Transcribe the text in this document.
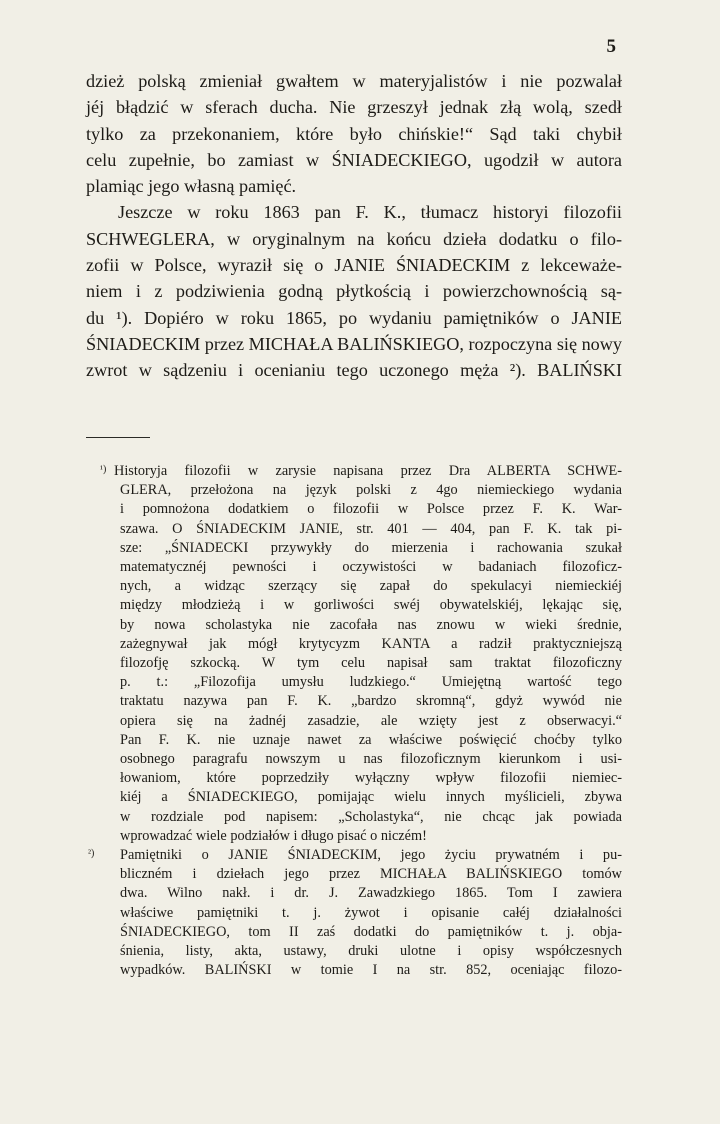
5

dzież polską zmieniał gwałtem w materyjalistów i nie pozwalał
jéj błądzić w sferach ducha. Nie grzeszył jednak złą wolą, szedł
tylko za przekonaniem, które było chińskie!“ Sąd taki chybił
celu zupełnie, bo zamiast w ŚNIADECKIEGO, ugodził w autora
plamiąc jego własną pamięć.
Jeszcze w roku 1863 pan F. K., tłumacz historyi filozofii
SCHWEGLERA, w oryginalnym na końcu dzieła dodatku o filo-
zofii w Polsce, wyraził się o JANIE ŚNIADECKIM z lekceważe-
niem i z podziwienia godną płytkością i powierzchownością są-
du ¹). Dopiéro w roku 1865, po wydaniu pamiętników o JANIE
ŚNIADECKIM przez MICHAŁA BALIŃSKIEGO, rozpoczyna się nowy
zwrot w sądzeniu i ocenianiu tego uczonego męża ²). BALIŃSKI

¹) Historyja filozofii w zarysie napisana przez Dra ALBERTA SCHWE-
GLERA, przełożona na język polski z 4go niemieckiego wydania
i pomnożona dodatkiem o filozofii w Polsce przez F. K. War-
szawa. O ŚNIADECKIM JANIE, str. 401 — 404, pan F. K. tak pi-
sze: „ŚNIADECKI przywykły do mierzenia i rachowania szukał
matematycznéj pewności i oczywistości w badaniach filozoficz-
nych, a widząc szerzący się zapał do spekulacyi niemieckiéj
między młodzieżą i w gorliwości swéj obywatelskiéj, lękając się,
by nowa scholastyka nie zacofała nas znowu w wieki średnie,
zażegnywał jak mógł krytycyzm KANTA a radził praktyczniejszą
filozofję szkocką. W tym celu napisał sam traktat filozoficzny
p. t.: „Filozofija umysłu ludzkiego.“ Umiejętną wartość tego
traktatu nazywa pan F. K. „bardzo skromną“, gdyż wywód nie
opiera się na żadnéj zasadzie, ale wzięty jest z obserwacyi.“
Pan F. K. nie uznaje nawet za właściwe poświęcić choćby tylko
osobnego paragrafu nowszym u nas filozoficznym kierunkom i usi-
łowaniom, które poprzedziły wyłączny wpływ filozofii niemiec-
kiéj a ŚNIADECKIEGO, pomijając wielu innych myślicieli, zbywa
w rozdziale pod napisem: „Scholastyka“, nie chcąc jak powiada
wprowadzać wiele podziałów i długo pisać o niczém!
²)	Pamiętniki o JANIE ŚNIADECKIM, jego życiu prywatném i pu-
bliczném i dziełach jego przez MICHAŁA BALIŃSKIEGO tomów
dwa. Wilno nakł. i dr. J. Zawadzkiego 1865. Tom I zawiera
właściwe pamiętniki t. j. żywot i opisanie całéj działalności
ŚNIADECKIEGO, tom II zaś dodatki do pamiętników t. j. obja-
śnienia, listy, akta, ustawy, druki ulotne i opisy współczesnych
wypadków. BALIŃSKI w tomie I na str. 852, oceniając filozo-
